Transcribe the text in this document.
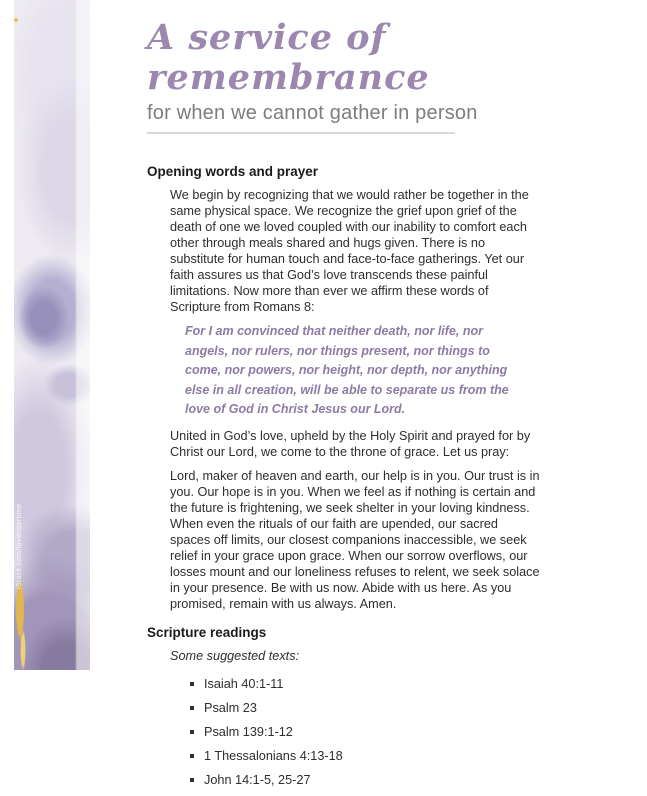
iStock.com/lavendertime
A service of remembrance
for when we cannot gather in person
Opening words and prayer

We begin by recognizing that we would rather be together in the same physical space. We recognize the grief upon grief of the death of one we loved coupled with our inability to comfort each other through meals shared and hugs given. There is no substitute for human touch and face-to-face gatherings. Yet our faith assures us that God’s love transcends these painful limitations. Now more than ever we affirm these words of Scripture from Romans 8:

For I am convinced that neither death, nor life, nor angels, nor rulers, nor things present, nor things to come, nor powers, nor height, nor depth, nor anything else in all creation, will be able to separate us from the love of God in Christ Jesus our Lord.

United in God’s love, upheld by the Holy Spirit and prayed for by Christ our Lord, we come to the throne of grace. Let us pray:

Lord, maker of heaven and earth, our help is in you. Our trust is in you. Our hope is in you. When we feel as if nothing is certain and the future is frightening, we seek shelter in your loving kindness. When even the rituals of our faith are upended, our sacred spaces off limits, our closest companions inaccessible, we seek relief in your grace upon grace. When our sorrow overflows, our losses mount and our loneliness refuses to relent, we seek solace in your presence. Be with us now. Abide with us here. As you promised, remain with us always. Amen.

Scripture readings

Some suggested texts:

Isaiah 40:1-11
Psalm 23
Psalm 139:1-12
1 Thessalonians 4:13-18
John 14:1-5, 25-27
